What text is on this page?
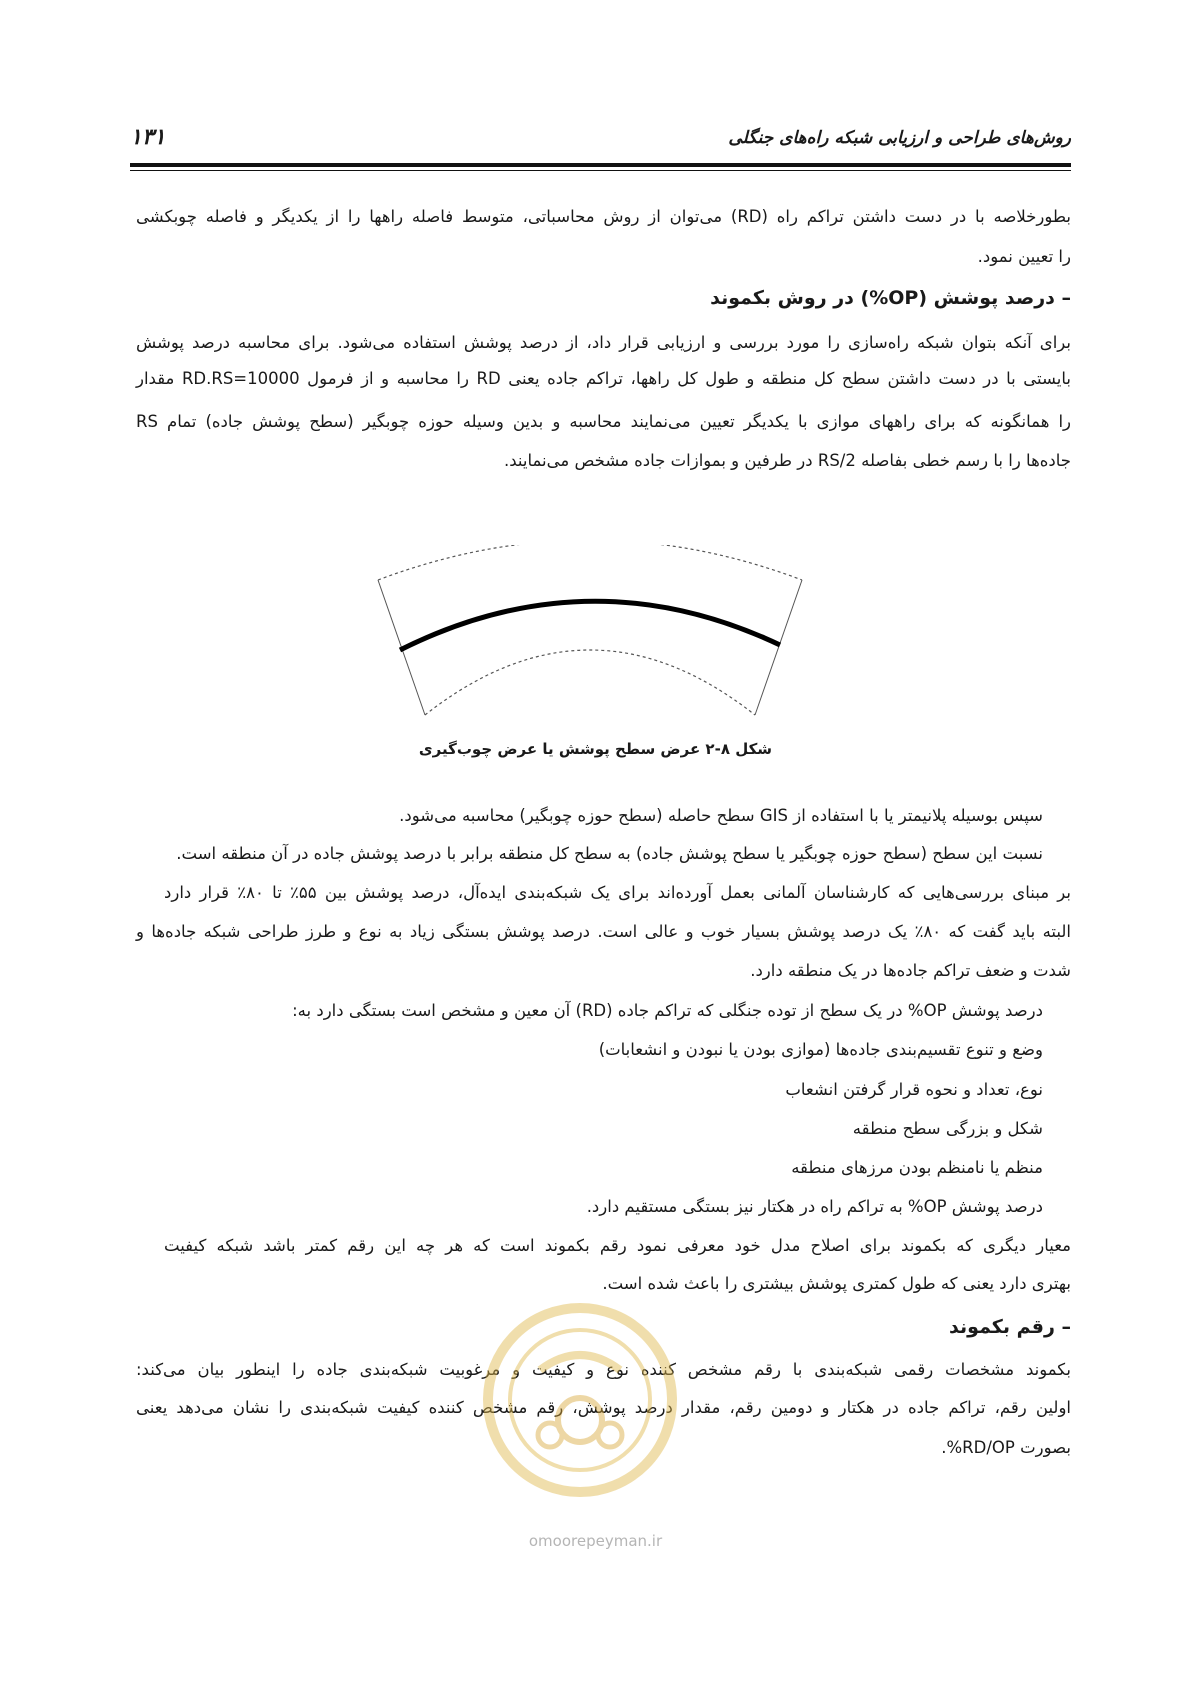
روش‌های طراحی و ارزیابی شبکه راه‌های جنگلی
۱۳۱

بطورخلاصه با در دست داشتن تراکم راه (RD) می‌توان از روش محاسباتی، متوسط فاصله راهها را از یکدیگر و فاصله چوبکشی

را تعیین نمود.

– درصد پوشش (OP%) در روش بکموند

برای آنکه بتوان شبکه راه‌سازی را مورد بررسی و ارزیابی قرار داد، از درصد پوشش استفاده می‌شود. برای محاسبه درصد پوشش

بایستی با در دست داشتن سطح کل منطقه و طول کل راهها، تراکم جاده یعنی RD را محاسبه و از فرمول RD.RS=10000 مقدار

RS را همانگونه که برای راههای موازی با یکدیگر تعیین می‌نمایند محاسبه و بدین وسیله حوزه چوبگیر (سطح پوشش جاده) تمام

جاده‌ها را با رسم خطی بفاصله RS/2 در طرفین و بموازات جاده مشخص می‌نمایند.

شکل ۸-۲ عرض سطح پوشش یا عرض چوب‌گیری

سپس بوسیله پلانیمتر یا با استفاده از GIS سطح حاصله (سطح حوزه چوبگیر) محاسبه می‌شود.

نسبت این سطح (سطح حوزه چوبگیر یا سطح پوشش جاده) به سطح کل منطقه برابر با درصد پوشش جاده در آن منطقه است.

بر مبنای بررسی‌هایی که کارشناسان آلمانی بعمل آورده‌اند برای یک شبکه‌بندی ایده‌آل، درصد پوشش بین ۵۵٪ تا ۸۰٪ قرار دارد

البته باید گفت که ۸۰٪ یک درصد پوشش بسیار خوب و عالی است. درصد پوشش بستگی زیاد به نوع و طرز طراحی شبکه جاده‌ها و

شدت و ضعف تراکم جاده‌ها در یک منطقه دارد.

درصد پوشش OP% در یک سطح از توده جنگلی که تراکم جاده (RD) آن معین و مشخص است بستگی دارد به:

وضع و تنوع تقسیم‌بندی جاده‌ها (موازی بودن یا نبودن و انشعابات)

نوع، تعداد و نحوه قرار گرفتن انشعاب

شکل و بزرگی سطح منطقه

منظم یا نامنظم بودن مرزهای منطقه

درصد پوشش OP% به تراکم راه در هکتار نیز بستگی مستقیم دارد.

معیار دیگری که بکموند برای اصلاح مدل خود معرفی نمود رقم بکموند است که هر چه این رقم کمتر باشد شبکه کیفیت

بهتری دارد یعنی که طول کمتری پوشش بیشتری را باعث شده است.

– رقم بکموند

بکموند مشخصات رقمی شبکه‌بندی با رقم مشخص کننده نوع و کیفیت و مرغوبیت شبکه‌بندی جاده را اینطور بیان می‌کند:

اولین رقم، تراکم جاده در هکتار و دومین رقم، مقدار درصد پوشش، رقم مشخص کننده کیفیت شبکه‌بندی را نشان می‌دهد یعنی

بصورت RD/OP%.

omoorepeyman.ir
